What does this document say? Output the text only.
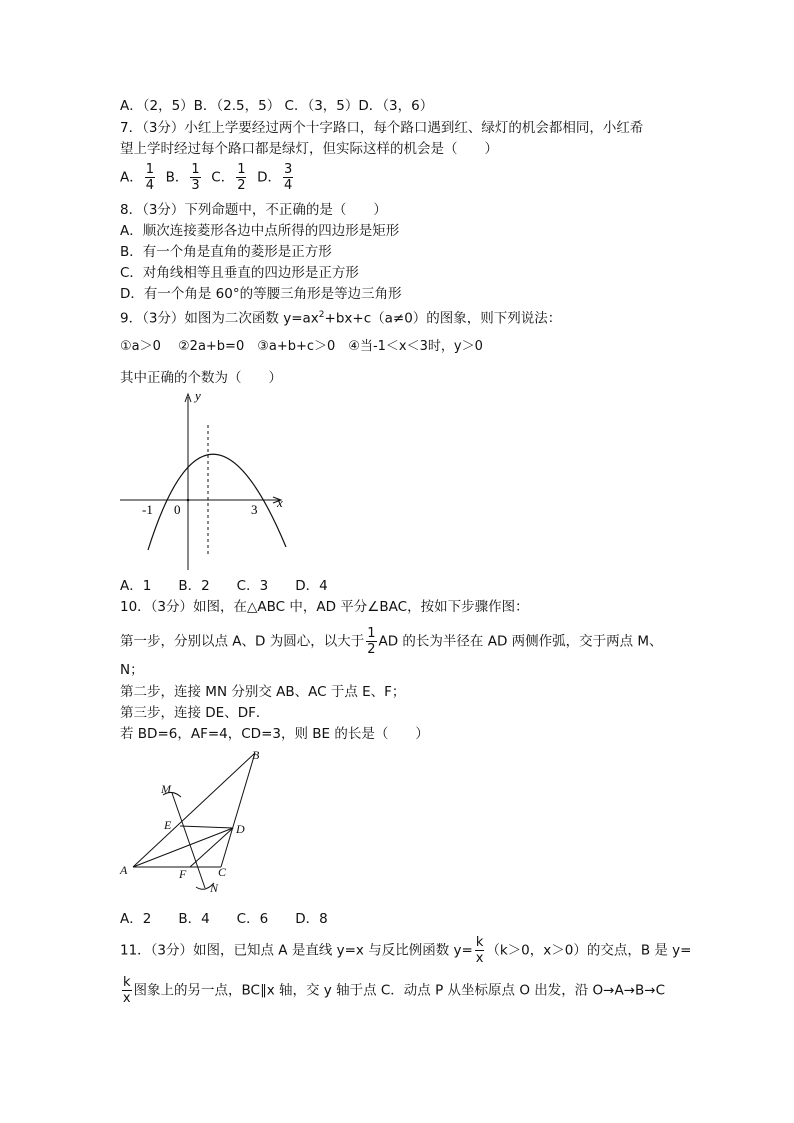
A．（2，5）B．（2.5，5） C．（3，5）D．（3，6）
7．（3分）小红上学要经过两个十字路口，每个路口遇到红、绿灯的机会都相同，小红希
望上学时经过每个路口都是绿灯，但实际这样的机会是（　　）
A． $\frac{1}{4}$ B． $\frac{1}{3}$ C． $\frac{1}{2}$ D． $\frac{3}{4}$
8．（3分）下列命题中，不正确的是（　　）
A．顺次连接菱形各边中点所得的四边形是矩形
B．有一个角是直角的菱形是正方形
C．对角线相等且垂直的四边形是正方形
D．有一个角是 60°的等腰三角形是等边三角形
9．（3分）如图为二次函数 $y=ax^2+bx+c(a\ne 0)$的图象，则下列说法：
①a＞0　 ②2a+b=0　③a+b+c＞0　④当-1＜x＜3时，y＞0
其中正确的个数为（　　）
y
x
-1 0	3
A．1　　B．2　　C．3　　D．4
10．（3分）如图，在△ABC 中，AD 平分∠BAC，按如下步骤作图：
第一步，分别以点 A、D 为圆心，以大于 $\frac{1}{2}$ AD 的长为半径在 AD 两侧作弧，交于两点 M、
N；
第二步，连接 MN 分别交 AB、AC 于点 E、F；
第三步，连接 DE、DF．
若 BD=6，AF=4，CD=3，则 BE 的长是（　　）
B
M
E	D
A	F	C
N
A．2　　B．4　　C．6　　D．8
11．（3分）如图，已知点 A 是直线 y=x 与反比例函数 $y= \frac{k}{x} (k>0$，x＞0）的交点，B 是 y=
$\frac{k}{x}$ 图象上的另一点，BC∥x 轴，交 y 轴于点 C．动点 P 从坐标原点 O 出发，沿 O→A→B→C
